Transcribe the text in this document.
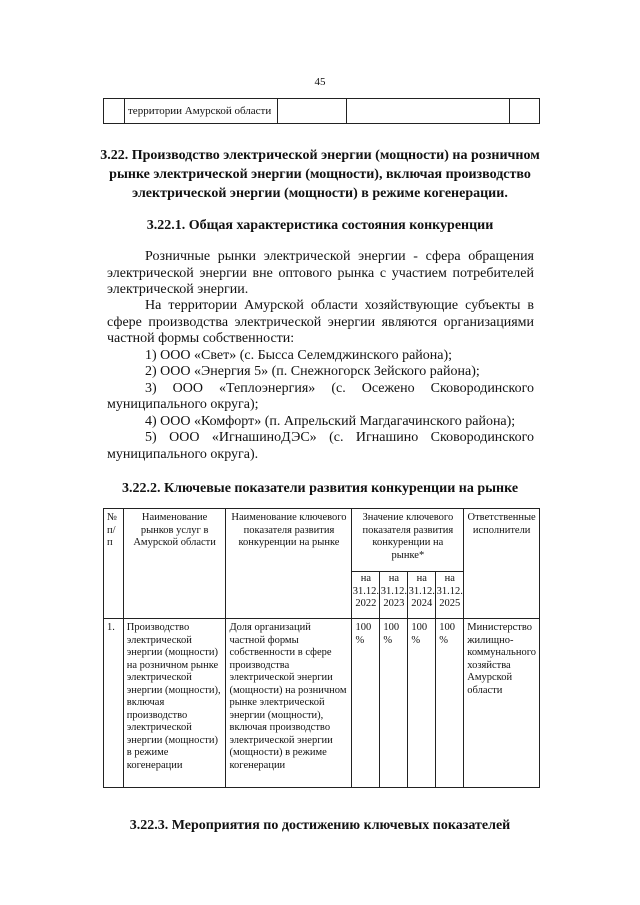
45
	территории Амурской области			
3.22. Производство электрической энергии (мощности) на розничном рынке электрической энергии (мощности), включая производство электрической энергии (мощности) в режиме когенерации.
3.22.1. Общая характеристика состояния конкуренции
Розничные рынки электрической энергии - сфера обращения электрической энергии вне оптового рынка с участием потребителей электрической энергии.
На территории Амурской области хозяйствующие субъекты в сфере производства электрической энергии являются организациями частной формы собственности:
1) ООО «Свет» (с. Бысса Селемджинского района);
2) ООО «Энергия 5» (п. Снежногорск Зейского района);
3) ООО «Теплоэнергия» (с. Осежено Сковородинского муниципального округа);
4) ООО «Комфорт» (п. Апрельский Магдагачинского района);
5) ООО «ИгнашиноДЭС» (с. Игнашино Сковородинского муниципального округа).
3.22.2. Ключевые показатели развития конкуренции на рынке
№ п/п	Наименование рынков услуг в Амурской области	Наименование ключевого показателя развития конкуренции на рынке	Значение ключевого показателя развития конкуренции на рынке*				Ответственные исполнители
			на 31.12. 2022	на 31.12. 2023	на 31.12. 2024	на 31.12. 2025	
1.	Производство электрической энергии (мощности) на розничном рынке электрической энергии (мощности), включая производство электрической энергии (мощности) в режиме когенерации	Доля организаций частной формы собственности в сфере производства электрической энергии (мощности) на розничном рынке электрической энергии (мощности), включая производство электрической энергии (мощности) в режиме когенерации	100 %	100 %	100 %	100 %	Министерство жилищно-коммунального хозяйства Амурской области
3.22.3. Мероприятия по достижению ключевых показателей
